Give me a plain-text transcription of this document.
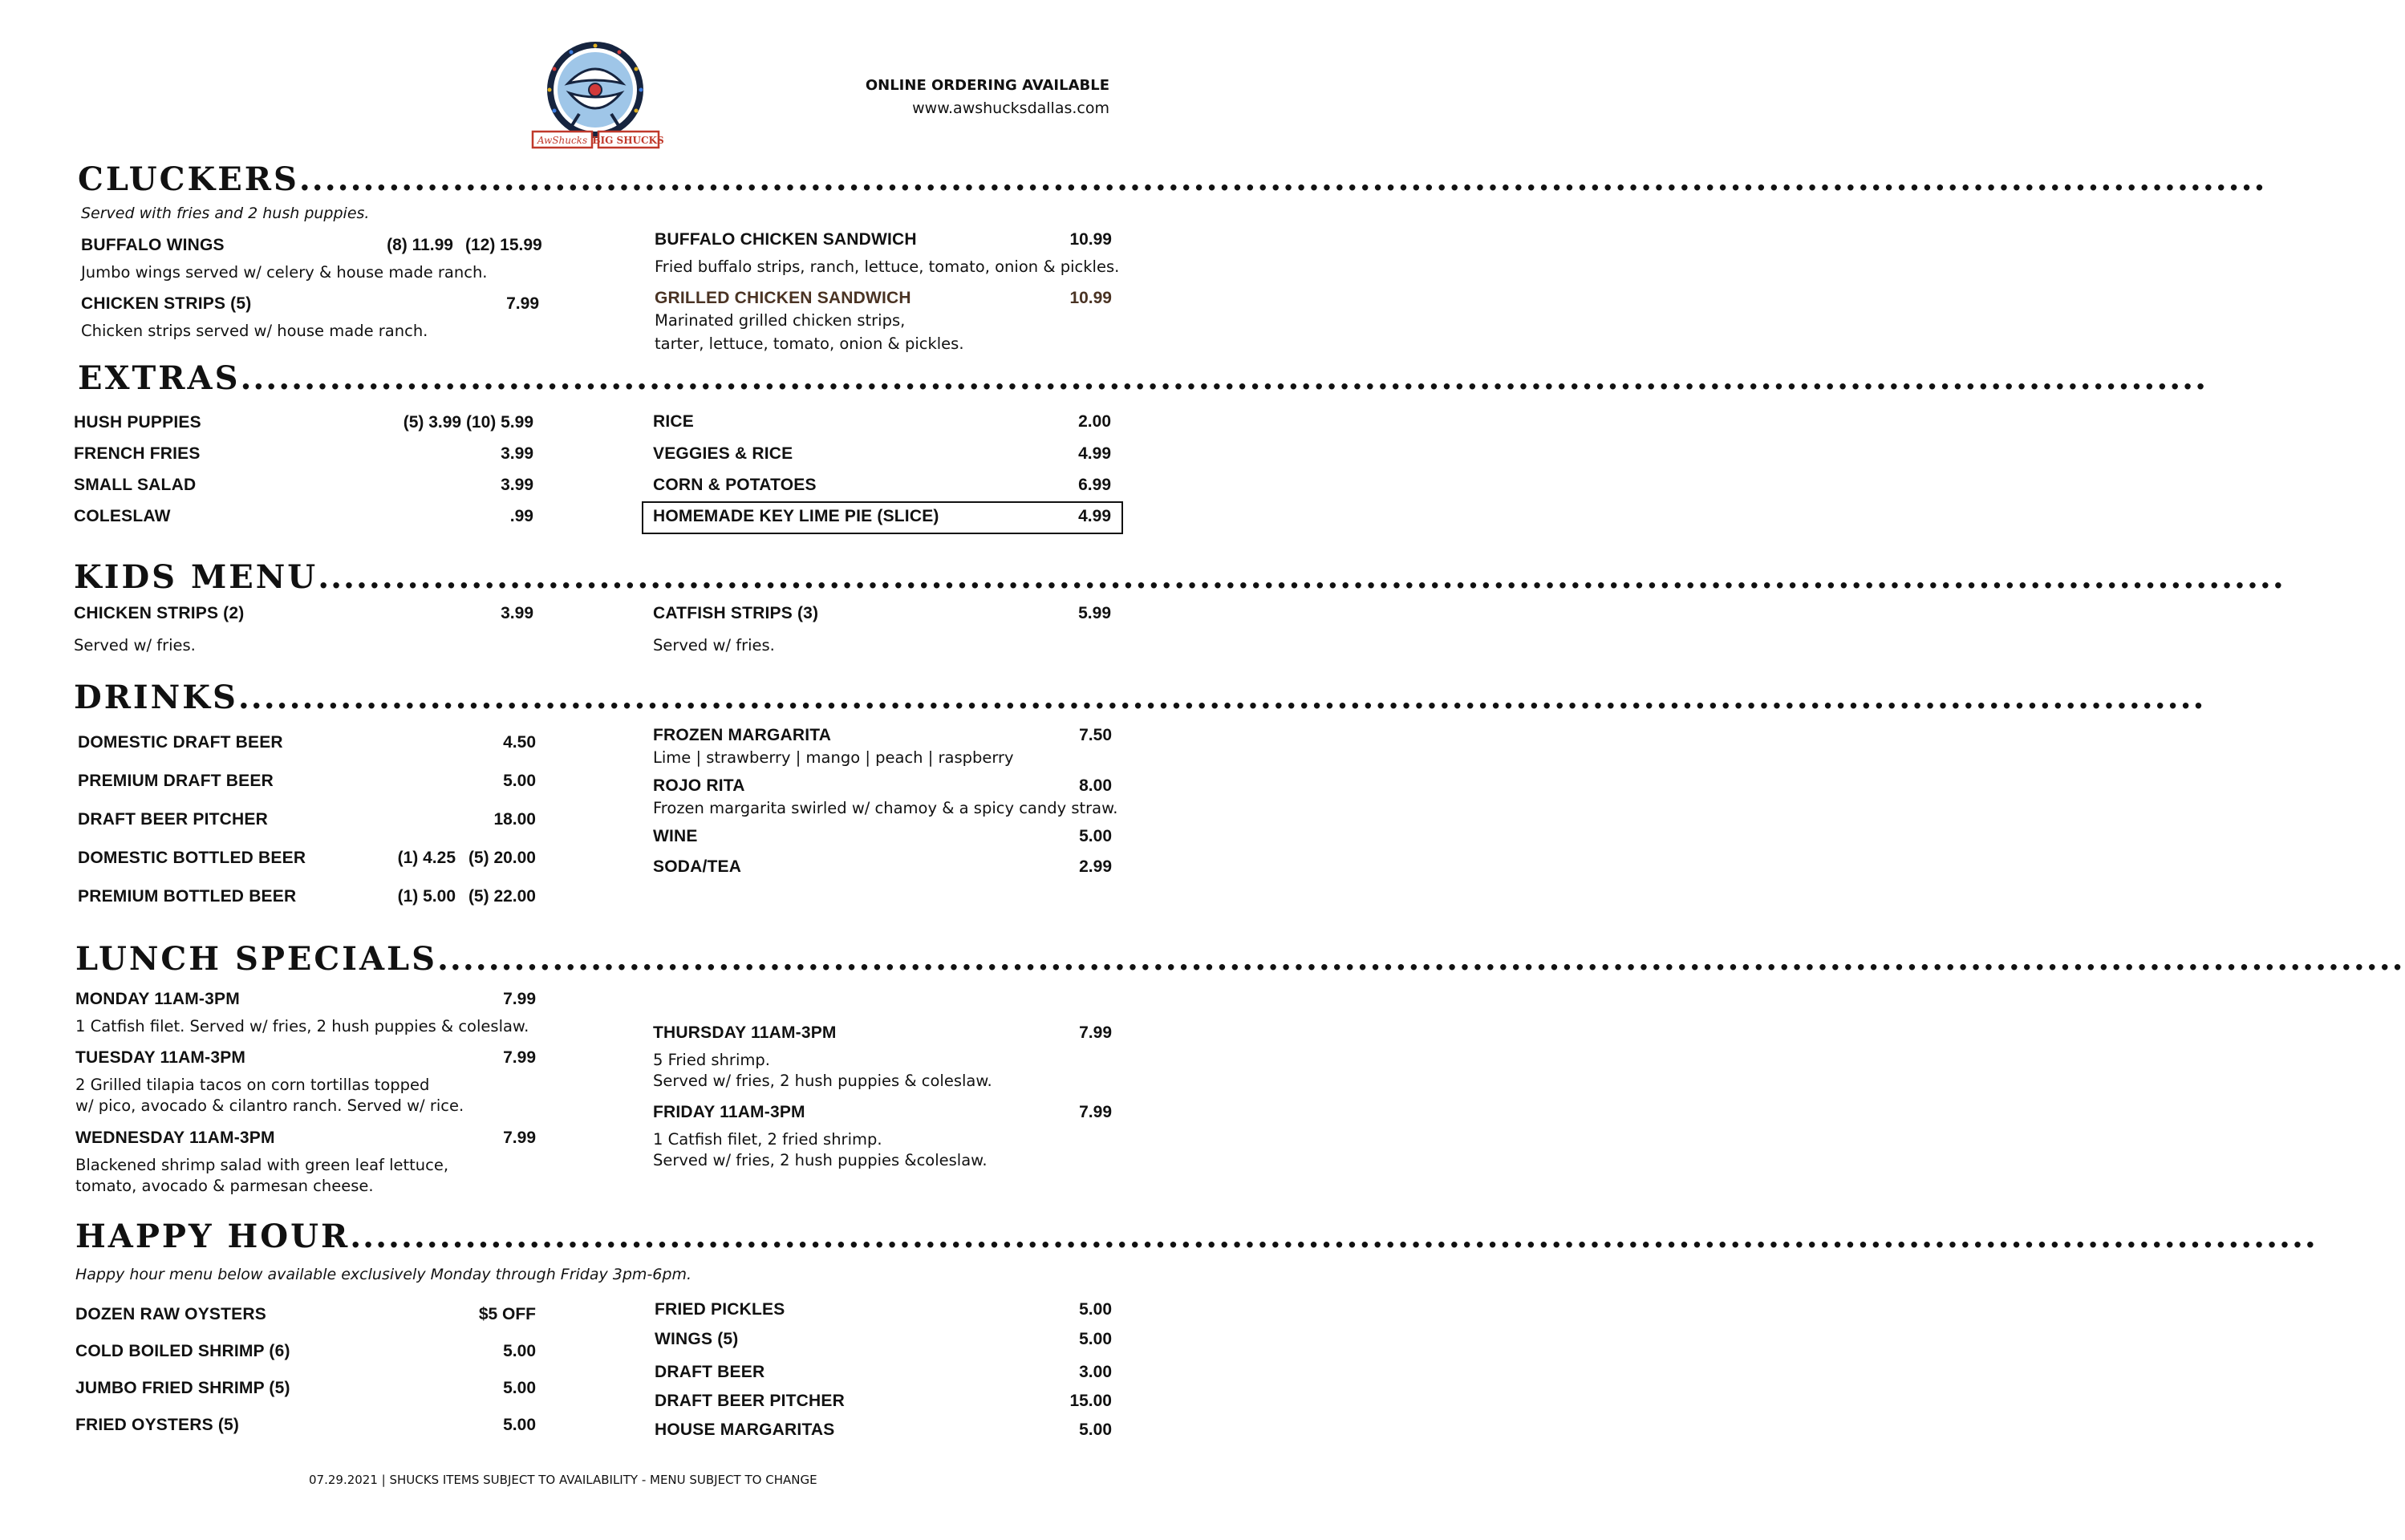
AwShucks BIG SHUCKS
ONLINE ORDERING AVAILABLE
www.awshucksdallas.com
CLUCKERS..........................................................................................................................................................
Served with fries and 2 hush puppies.
BUFFALO WINGS	(8) 11.99 (12) 15.99
Jumbo wings served w/ celery & house made ranch.
CHICKEN STRIPS (5)	7.99
Chicken strips served w/ house made ranch.
BUFFALO CHICKEN SANDWICH	10.99
Fried buffalo strips, ranch, lettuce, tomato, onion & pickles.
GRILLED CHICKEN SANDWICH	10.99
Marinated grilled chicken strips,
tarter, lettuce, tomato, onion & pickles.
EXTRAS..........................................................................................................................................................
HUSH PUPPIES	(5) 3.99 (10) 5.99
FRENCH FRIES	3.99
SMALL SALAD	3.99
COLESLAW	.99
RICE	2.00
VEGGIES & RICE	4.99
CORN & POTATOES	6.99
HOMEMADE KEY LIME PIE (SLICE)	4.99
KIDS MENU..........................................................................................................................................................
CHICKEN STRIPS (2)	3.99
Served w/ fries.
CATFISH STRIPS (3)	5.99
Served w/ fries.
DRINKS..........................................................................................................................................................
DOMESTIC DRAFT BEER	4.50
PREMIUM DRAFT BEER	5.00
DRAFT BEER PITCHER	18.00
DOMESTIC BOTTLED BEER	(1) 4.25 (5) 20.00
PREMIUM BOTTLED BEER	(1) 5.00 (5) 22.00
FROZEN MARGARITA	7.50
Lime | strawberry | mango | peach | raspberry
ROJO RITA	8.00
Frozen margarita swirled w/ chamoy & a spicy candy straw.
WINE	5.00
SODA/TEA	2.99
LUNCH SPECIALS..........................................................................................................................................................
MONDAY 11AM-3PM	7.99
1 Catfish filet. Served w/ fries, 2 hush puppies & coleslaw.
TUESDAY 11AM-3PM	7.99
2 Grilled tilapia tacos on corn tortillas topped
w/ pico, avocado & cilantro ranch. Served w/ rice.
WEDNESDAY 11AM-3PM	7.99
Blackened shrimp salad with green leaf lettuce,
tomato, avocado & parmesan cheese.
THURSDAY 11AM-3PM	7.99
5 Fried shrimp.
Served w/ fries, 2 hush puppies & coleslaw.
FRIDAY 11AM-3PM	7.99
1 Catfish filet, 2 fried shrimp.
Served w/ fries, 2 hush puppies &coleslaw.
HAPPY HOUR..........................................................................................................................................................
Happy hour menu below available exclusively Monday through Friday 3pm-6pm.
DOZEN RAW OYSTERS	$5 OFF
COLD BOILED SHRIMP (6)	5.00
JUMBO FRIED SHRIMP (5)	5.00
FRIED OYSTERS (5)	5.00
FRIED PICKLES	5.00
WINGS (5)	5.00
DRAFT BEER	3.00
DRAFT BEER PITCHER	15.00
HOUSE MARGARITAS	5.00
07.29.2021 | SHUCKS ITEMS SUBJECT TO AVAILABILITY - MENU SUBJECT TO CHANGE
